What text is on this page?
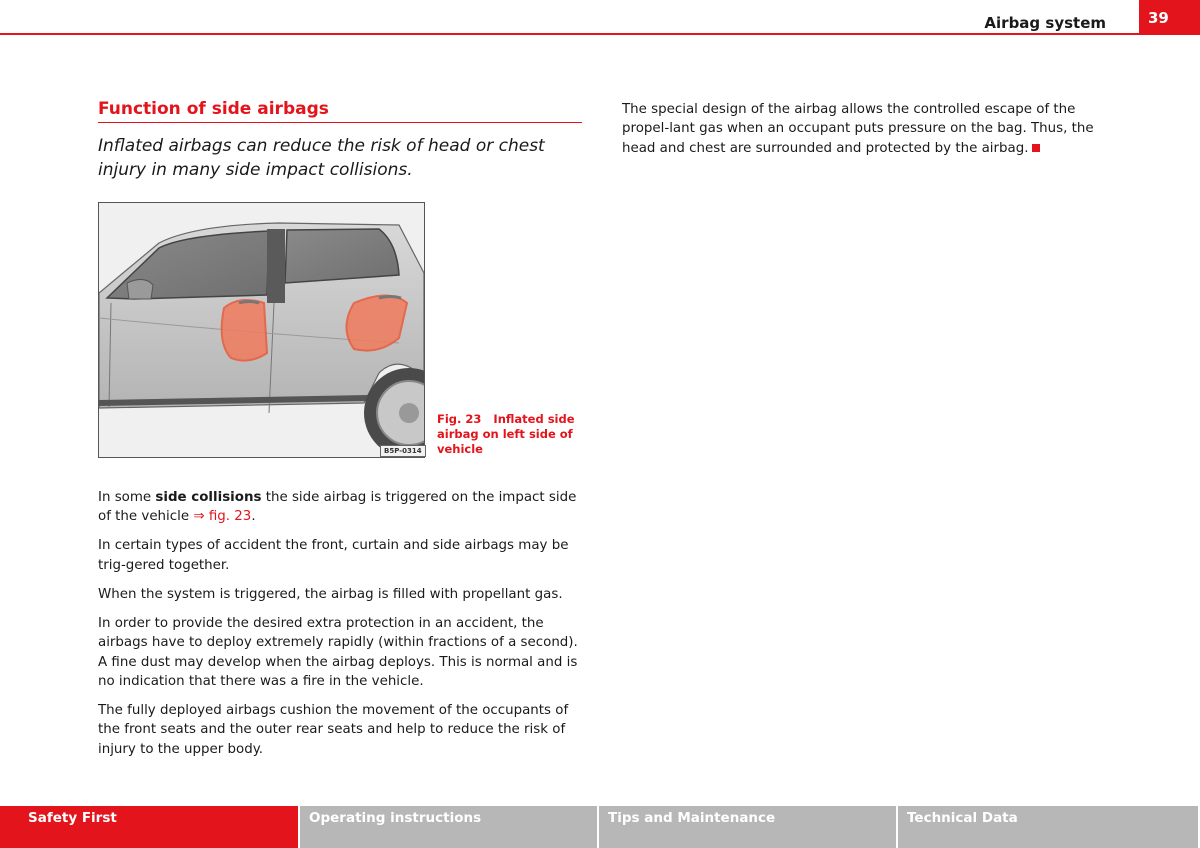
Airbag system	39
Function of side airbags
Inflated airbags can reduce the risk of head or chest injury in many side impact collisions.
B5P-0314
Fig. 23 Inflated side airbag on left side of vehicle

In some side collisions the side airbag is triggered on the impact side of the vehicle ⇒ fig. 23.

In certain types of accident the front, curtain and side airbags may be trig-gered together.

When the system is triggered, the airbag is filled with propellant gas.

In order to provide the desired extra protection in an accident, the airbags have to deploy extremely rapidly (within fractions of a second). A fine dust may develop when the airbag deploys. This is normal and is no indication that there was a fire in the vehicle.

The fully deployed airbags cushion the movement of the occupants of the front seats and the outer rear seats and help to reduce the risk of injury to the upper body.

The special design of the airbag allows the controlled escape of the propel-lant gas when an occupant puts pressure on the bag. Thus, the head and chest are surrounded and protected by the airbag.

Safety First	Operating instructions	Tips and Maintenance	Technical Data
